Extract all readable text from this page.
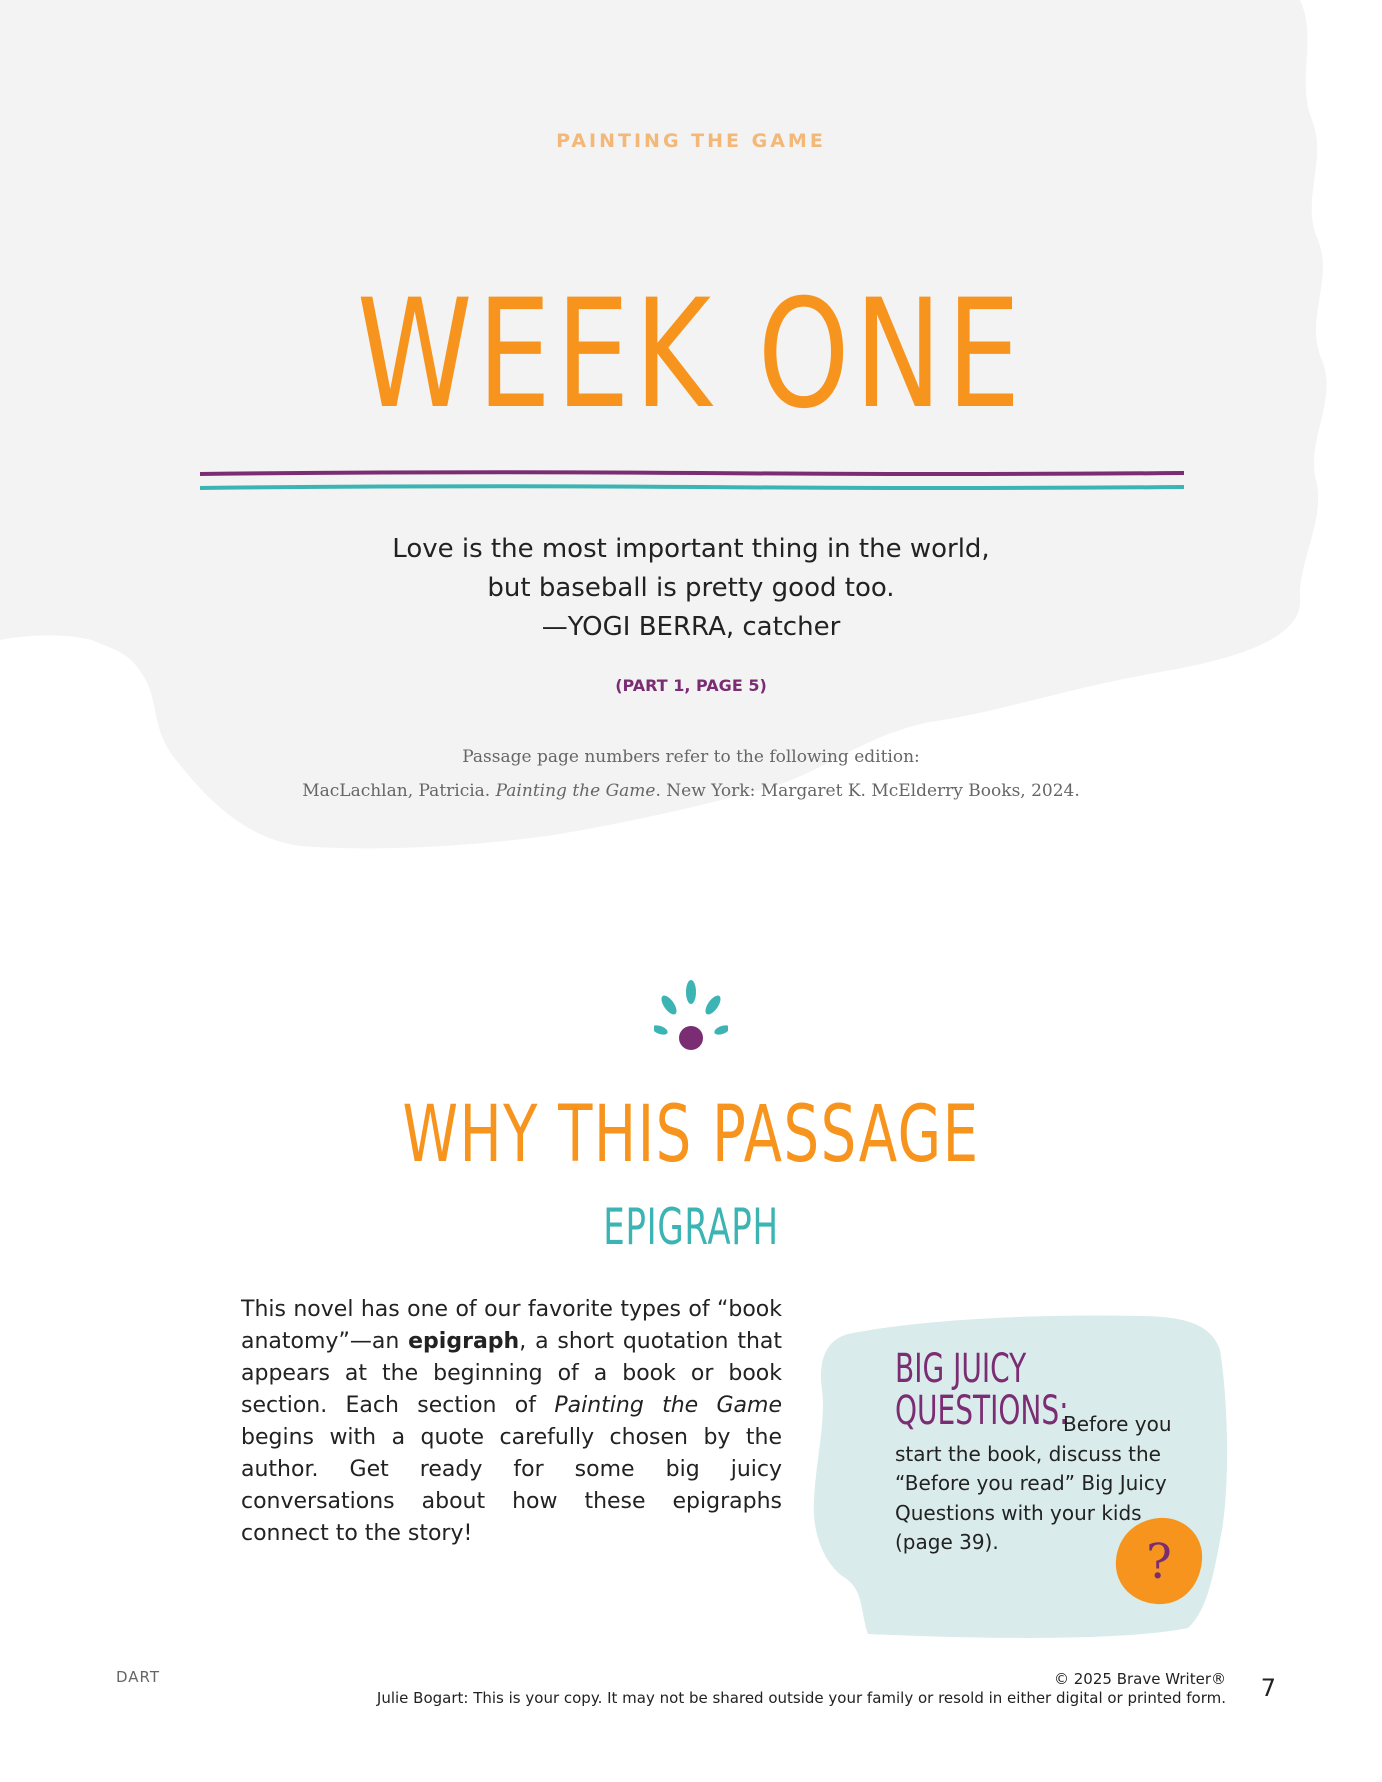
PAINTING THE GAME
WEEK ONE
Love is the most important thing in the world,
but baseball is pretty good too.
—YOGI BERRA, catcher
(PART 1, PAGE 5)
Passage page numbers refer to the following edition:
MacLachlan, Patricia. Painting the Game. New York: Margaret K. McElderry Books, 2024.
WHY THIS PASSAGE
EPIGRAPH
This novel has one of our favorite types of “book anatomy”—an epigraph, a short quotation that appears at the beginning of a book or book section. Each section of Painting the Game begins with a quote carefully chosen by the author. Get ready for some big juicy conversations about how these epigraphs connect to the story!
BIG JUICY
QUESTIONS:
Before you
start the book, discuss the “Before you read” Big Juicy Questions with your kids (page 39).	?
DART	© 2025 Brave Writer®
Julie Bogart: This is your copy. It may not be shared outside your family or resold in either digital or printed form. 7
